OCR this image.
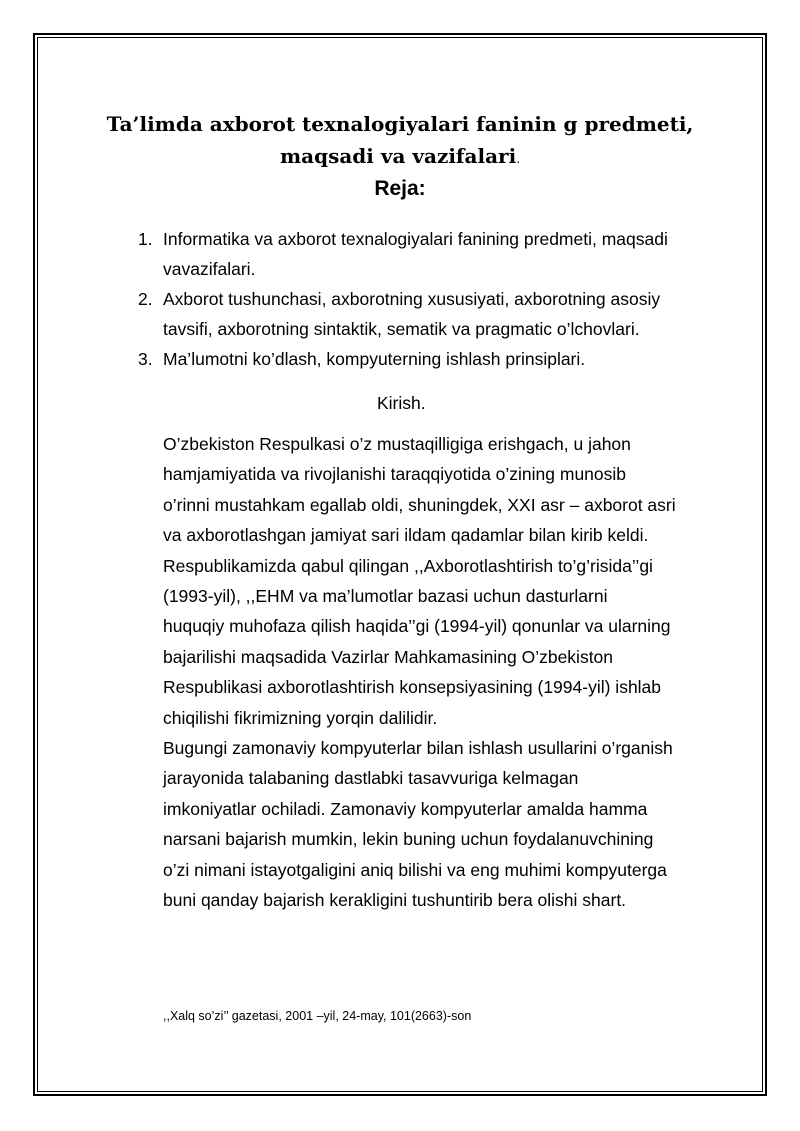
Ta’limda axborot texnalogiyalari faninin g predmeti,
maqsadi va vazifalari.
Reja:
1. Informatika va axborot texnalogiyalari fanining predmeti, maqsadi
vavazifalari.
2. Axborot tushunchasi, axborotning xususiyati, axborotning asosiy
tavsifi, axborotning sintaktik, sematik va pragmatic o’lchovlari.
3. Ma’lumotni ko’dlash, kompyuterning ishlash prinsiplari.
Kirish.

O’zbekiston Respulkasi o’z mustaqilligiga erishgach, u jahon

hamjamiyatida va rivojlanishi taraqqiyotida o’zining munosib

o’rinni mustahkam egallab oldi, shuningdek, XXI asr – axborot asri

va axborotlashgan jamiyat sari ildam qadamlar bilan kirib keldi.

Respublikamizda qabul qilingan ,,Axborotlashtirish to’g’risida’’gi

(1993-yil), ,,EHM va ma’lumotlar bazasi uchun dasturlarni

huquqiy muhofaza qilish haqida’’gi (1994-yil) qonunlar va ularning

bajarilishi maqsadida Vazirlar Mahkamasining O’zbekiston

Respublikasi axborotlashtirish konsepsiyasining (1994-yil) ishlab

chiqilishi fikrimizning yorqin dalilidir.

Bugungi zamonaviy kompyuterlar bilan ishlash usullarini o’rganish

jarayonida talabaning dastlabki tasavvuriga kelmagan

imkoniyatlar ochiladi. Zamonaviy kompyuterlar amalda hamma

narsani bajarish mumkin, lekin buning uchun foydalanuvchining

o’zi nimani istayotgaligini aniq bilishi va eng muhimi kompyuterga

buni qanday bajarish kerakligini tushuntirib bera olishi shart.

,,Xalq so’zi’’ gazetasi, 2001 –yil, 24-may, 101(2663)-son
